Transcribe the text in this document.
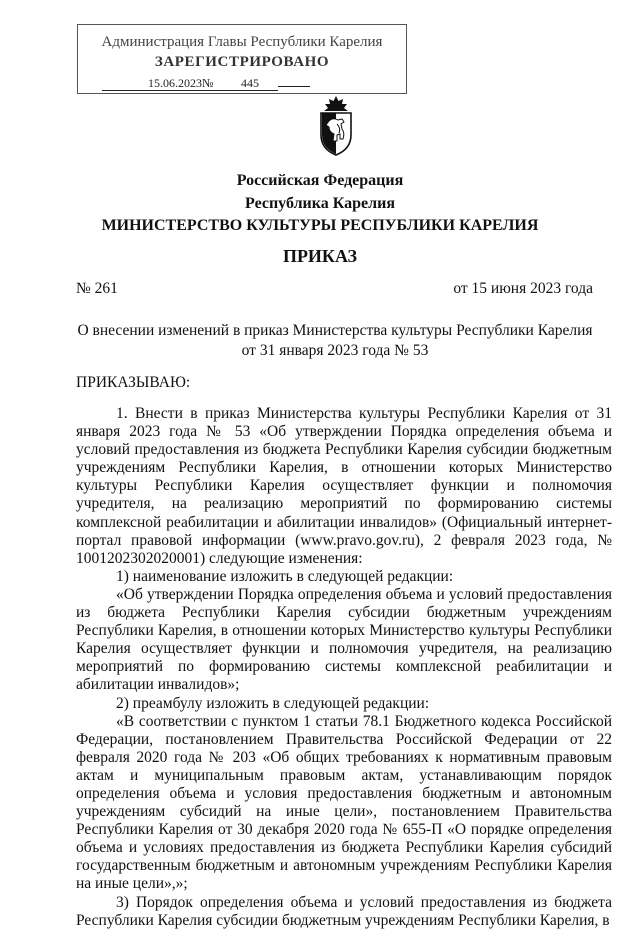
Администрация Главы Республики Карелия
ЗАРЕГИСТРИРОВАНО
15.06.2023№ 445
Российская Федерация
Республика Карелия
МИНИСТЕРСТВО КУЛЬТУРЫ РЕСПУБЛИКИ КАРЕЛИЯ
ПРИКАЗ
№ 261	от 15 июня 2023 года
О внесении изменений в приказ Министерства культуры Республики Карелия от 31 января 2023 года № 53
ПРИКАЗЫВАЮ:

1. Внести в приказ Министерства культуры Республики Карелия от 31 января 2023 года № 53 «Об утверждении Порядка определения объема и условий предоставления из бюджета Республики Карелия субсидии бюджетным учреждениям Республики Карелия, в отношении которых Министерство культуры Республики Карелия осуществляет функции и полномочия учредителя, на реализацию мероприятий по формированию системы комплексной реабилитации и абилитации инвалидов» (Официальный интернет-портал правовой информации (www.pravo.gov.ru), 2 февраля 2023 года, № 1001202302020001) следующие изменения:

1) наименование изложить в следующей редакции:

«Об утверждении Порядка определения объема и условий предоставления из бюджета Республики Карелия субсидии бюджетным учреждениям Республики Карелия, в отношении которых Министерство культуры Республики Карелия осуществляет функции и полномочия учредителя, на реализацию мероприятий по формированию системы комплексной реабилитации и абилитации инвалидов»;

2) преамбулу изложить в следующей редакции:

«В соответствии с пунктом 1 статьи 78.1 Бюджетного кодекса Российской Федерации, постановлением Правительства Российской Федерации от 22 февраля 2020 года № 203 «Об общих требованиях к нормативным правовым актам и муниципальным правовым актам, устанавливающим порядок определения объема и условия предоставления бюджетным и автономным учреждениям субсидий на иные цели», постановлением Правительства Республики Карелия от 30 декабря 2020 года № 655-П «О порядке определения объема и условиях предоставления из бюджета Республики Карелия субсидий государственным бюджетным и автономным учреждениям Республики Карелия на иные цели»,»;

3) Порядок определения объема и условий предоставления из бюджета Республики Карелия субсидии бюджетным учреждениям Республики Карелия, в
